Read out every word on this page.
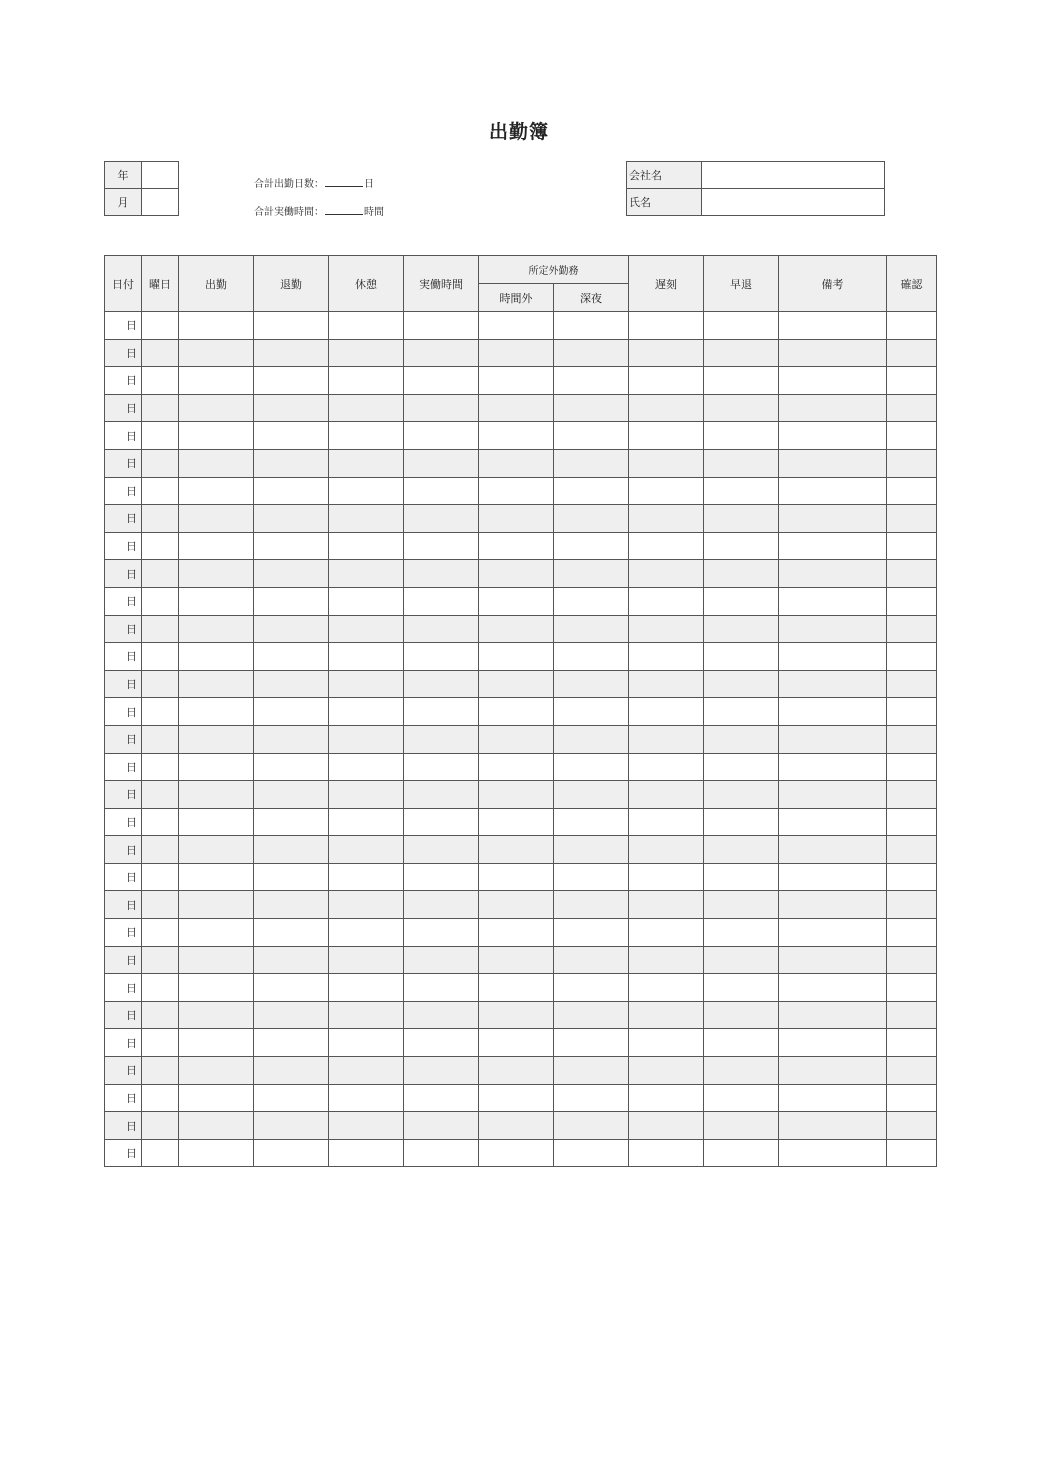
出勤簿
年	
月	
合計出勤日数：	日
合計実働時間：	時間
会社名	
氏名	
日付	曜日	出勤	退勤	休憩	実働時間	所定外勤務		遅刻	早退	備考	確認
						時間外	深夜				
日											
日											
日											
日											
日											
日											
日											
日											
日											
日											
日											
日											
日											
日											
日											
日											
日											
日											
日											
日											
日											
日											
日											
日											
日											
日											
日											
日											
日											
日											
日											
